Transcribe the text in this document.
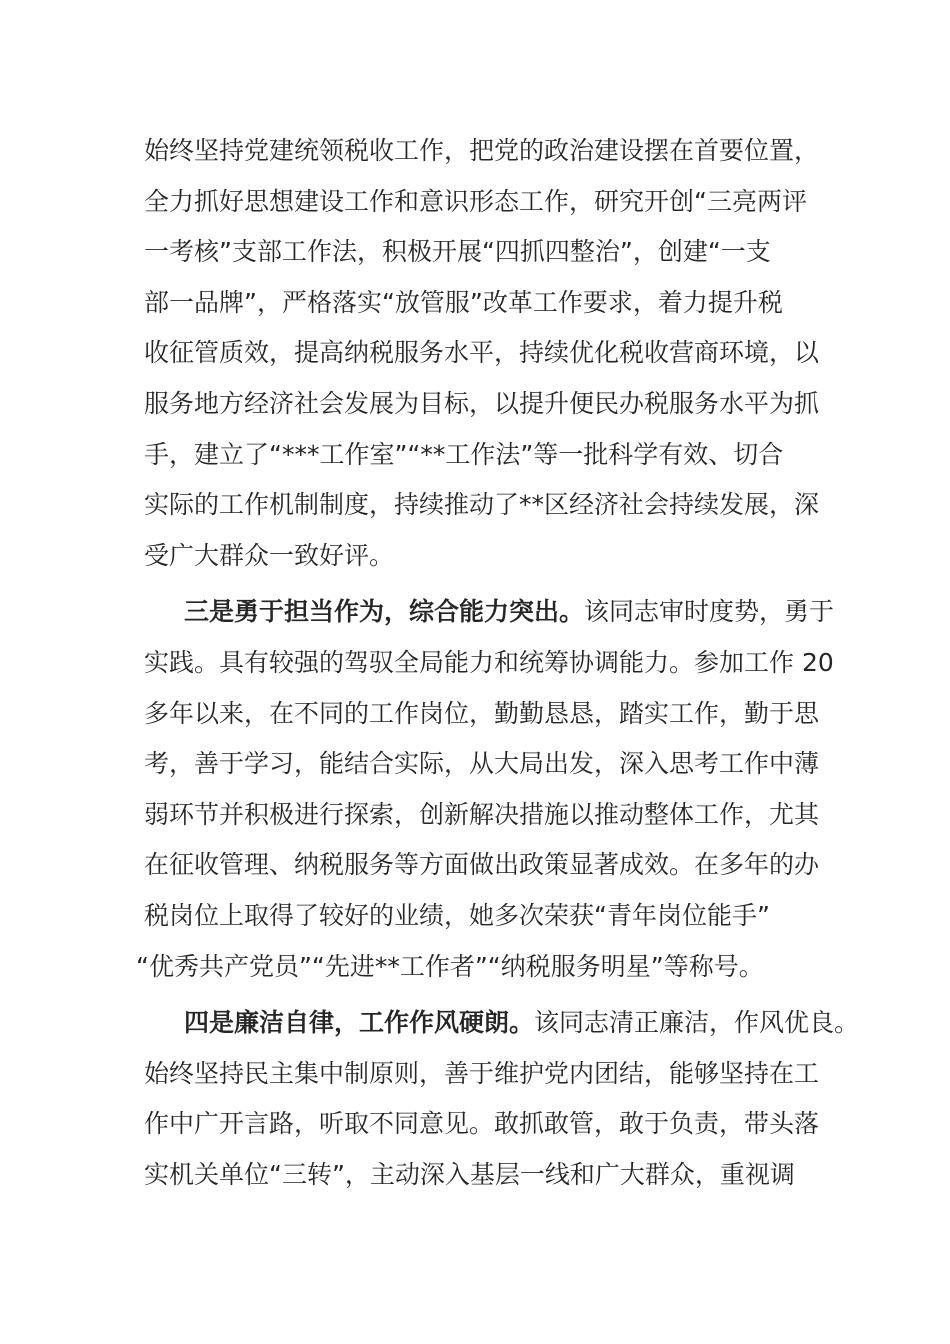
始终坚持党建统领税收工作，把党的政治建设摆在首要位置，
全力抓好思想建设工作和意识形态工作，研究开创“三亮两评
一考核”支部工作法，积极开展“四抓四整治”，创建“一支
部一品牌”，严格落实“放管服”改革工作要求，着力提升税
收征管质效，提高纳税服务水平，持续优化税收营商环境，以
服务地方经济社会发展为目标，以提升便民办税服务水平为抓
手，建立了“***工作室”“**工作法”等一批科学有效、切合
实际的工作机制制度，持续推动了**区经济社会持续发展，深
受广大群众一致好评。
三是勇于担当作为，综合能力突出。该同志审时度势，勇于
实践。具有较强的驾驭全局能力和统筹协调能力。参加工作 20
多年以来，在不同的工作岗位，勤勤恳恳，踏实工作，勤于思
考，善于学习，能结合实际，从大局出发，深入思考工作中薄
弱环节并积极进行探索，创新解决措施以推动整体工作，尤其
在征收管理、纳税服务等方面做出政策显著成效。在多年的办
税岗位上取得了较好的业绩，她多次荣获“青年岗位能手”
“优秀共产党员”“先进**工作者”“纳税服务明星”等称号。
四是廉洁自律，工作作风硬朗。该同志清正廉洁，作风优良。
始终坚持民主集中制原则，善于维护党内团结，能够坚持在工
作中广开言路，听取不同意见。敢抓敢管，敢于负责，带头落
实机关单位“三转”，主动深入基层一线和广大群众，重视调
